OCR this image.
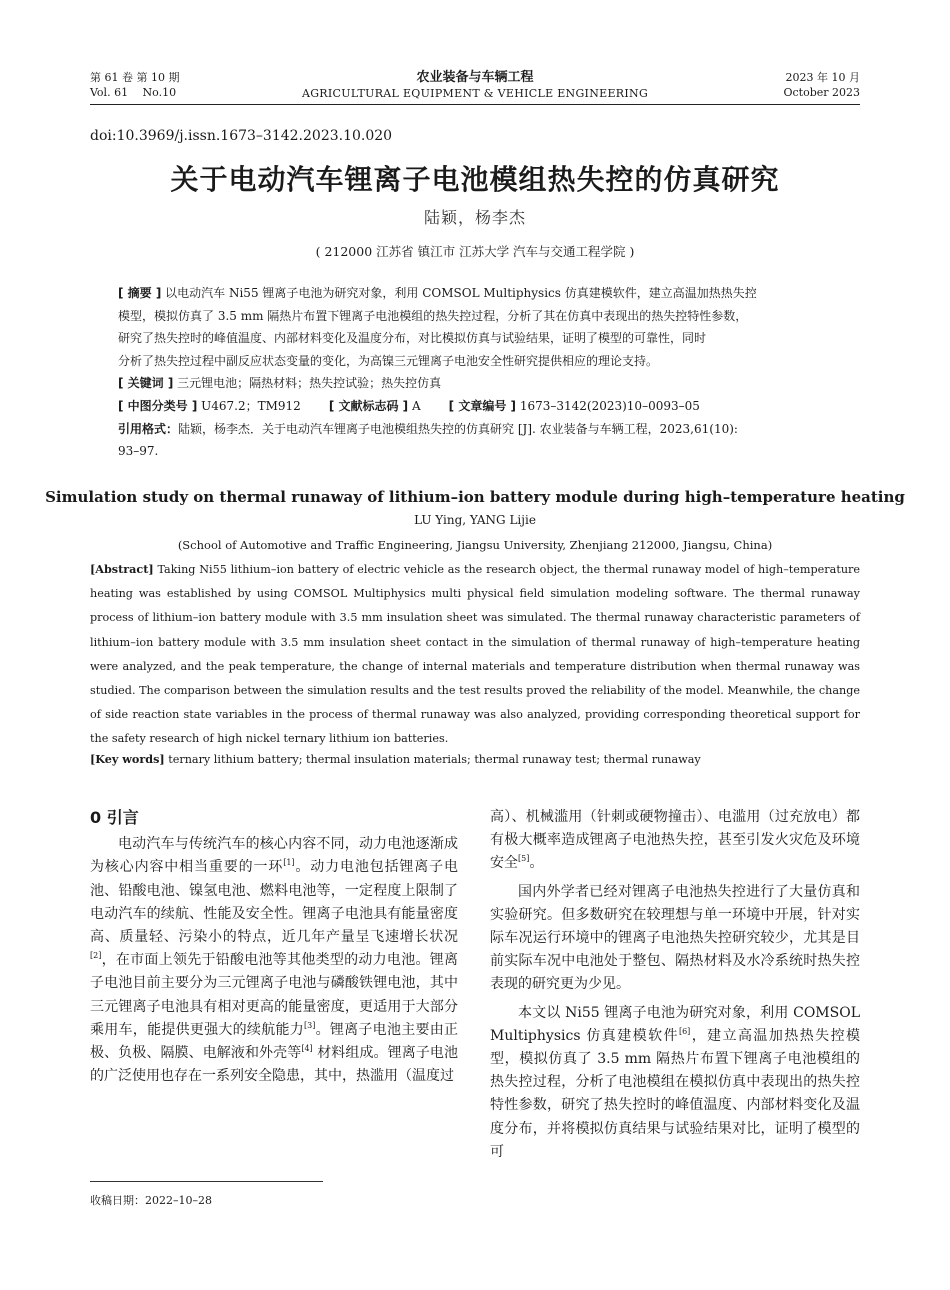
第 61 卷 第 10 期
Vol. 61　 No.10
农业装备与车辆工程
AGRICULTURAL EQUIPMENT & VEHICLE ENGINEERING
2023 年 10 月
October 2023
doi:10.3969/j.issn.1673–3142.2023.10.020
关于电动汽车锂离子电池模组热失控的仿真研究
陆颖，杨李杰
( 212000 江苏省 镇江市 江苏大学 汽车与交通工程学院 )
[ 摘要 ] 以电动汽车 Ni55 锂离子电池为研究对象，利用 COMSOL Multiphysics 仿真建模软件，建立高温加热热失控
模型，模拟仿真了 3.5 mm 隔热片布置下锂离子电池模组的热失控过程，分析了其在仿真中表现出的热失控特性参数，
研究了热失控时的峰值温度、内部材料变化及温度分布，对比模拟仿真与试验结果，证明了模型的可靠性，同时
分析了热失控过程中副反应状态变量的变化，为高镍三元锂离子电池安全性研究提供相应的理论支持。
[ 关键词 ] 三元锂电池；隔热材料；热失控试验；热失控仿真
[ 中图分类号 ] U467.2；TM912 [ 文献标志码 ] A [ 文章编号 ] 1673–3142(2023)10–0093–05
引用格式：陆颖，杨李杰．关于电动汽车锂离子电池模组热失控的仿真研究 [J]. 农业装备与车辆工程，2023,61(10):
93–97.
Simulation study on thermal runaway of lithium–ion battery module during high–temperature heating
LU Ying, YANG Lijie
(School of Automotive and Traffic Engineering, Jiangsu University, Zhenjiang 212000, Jiangsu, China)
[Abstract] Taking Ni55 lithium–ion battery of electric vehicle as the research object, the thermal runaway model of high–temperature heating was established by using COMSOL Multiphysics multi physical field simulation modeling software. The thermal runaway process of lithium–ion battery module with 3.5 mm insulation sheet was simulated. The thermal runaway characteristic parameters of lithium–ion battery module with 3.5 mm insulation sheet contact in the simulation of thermal runaway of high–temperature heating were analyzed, and the peak temperature, the change of internal materials and temperature distribution when thermal runaway was studied. The comparison between the simulation results and the test results proved the reliability of the model. Meanwhile, the change of side reaction state variables in the process of thermal runaway was also analyzed, providing corresponding theoretical support for the safety research of high nickel ternary lithium ion batteries.
[Key words] ternary lithium battery; thermal insulation materials; thermal runaway test; thermal runaway
0 引言

电动汽车与传统汽车的核心内容不同，动力电池逐渐成为核心内容中相当重要的一环[1]。动力电池包括锂离子电池、铅酸电池、镍氢电池、燃料电池等，一定程度上限制了电动汽车的续航、性能及安全性。锂离子电池具有能量密度高、质量轻、污染小的特点，近几年产量呈飞速增长状况[2]，在市面上领先于铅酸电池等其他类型的动力电池。锂离子电池目前主要分为三元锂离子电池与磷酸铁锂电池，其中三元锂离子电池具有相对更高的能量密度，更适用于大部分乘用车，能提供更强大的续航能力[3]。锂离子电池主要由正极、负极、隔膜、电解液和外壳等[4] 材料组成。锂离子电池的广泛使用也存在一系列安全隐患，其中，热滥用（温度过

高）、机械滥用（针刺或硬物撞击）、电滥用（过充放电）都有极大概率造成锂离子电池热失控，甚至引发火灾危及环境安全[5]。

国内外学者已经对锂离子电池热失控进行了大量仿真和实验研究。但多数研究在较理想与单一环境中开展，针对实际车况运行环境中的锂离子电池热失控研究较少，尤其是目前实际车况中电池处于整包、隔热材料及水冷系统时热失控表现的研究更为少见。

本文以 Ni55 锂离子电池为研究对象，利用 COMSOL Multiphysics 仿真建模软件[6]，建立高温加热热失控模型，模拟仿真了 3.5 mm 隔热片布置下锂离子电池模组的热失控过程，分析了电池模组在模拟仿真中表现出的热失控特性参数，研究了热失控时的峰值温度、内部材料变化及温度分布，并将模拟仿真结果与试验结果对比，证明了模型的可

收稿日期：2022–10–28
